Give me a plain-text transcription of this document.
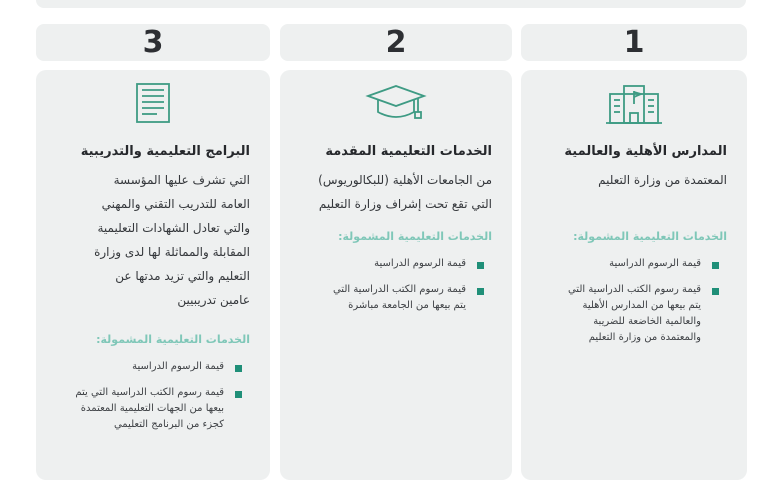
1
2
3
المدارس الأهلية والعالمية
المعتمدة من وزارة التعليم
الخدمات التعليمية المشمولة:
قيمة الرسوم الدراسية
قيمة رسوم الكتب الدراسية التي
يتم بيعها من المدارس الأهلية
والعالمية الخاضعة للضريبة
والمعتمدة من وزارة التعليم
الخدمات التعليمية المقدمة
من الجامعات الأهلية (للبكالوريوس)
التي تقع تحت إشراف وزارة التعليم
الخدمات التعليمية المشمولة:
قيمة الرسوم الدراسية
قيمة رسوم الكتب الدراسية التي
يتم بيعها من الجامعة مباشرة
البرامج التعليمية والتدريبية
التي تشرف عليها المؤسسة
العامة للتدريب التقني والمهني
والتي تعادل الشهادات التعليمية
المقابلة والمماثلة لها لدى وزارة
التعليم والتي تزيد مدتها عن
عامين تدريبيين
الخدمات التعليمية المشمولة:
قيمة الرسوم الدراسية
قيمة رسوم الكتب الدراسية التي يتم
بيعها من الجهات التعليمية المعتمدة
كجزء من البرنامج التعليمي
